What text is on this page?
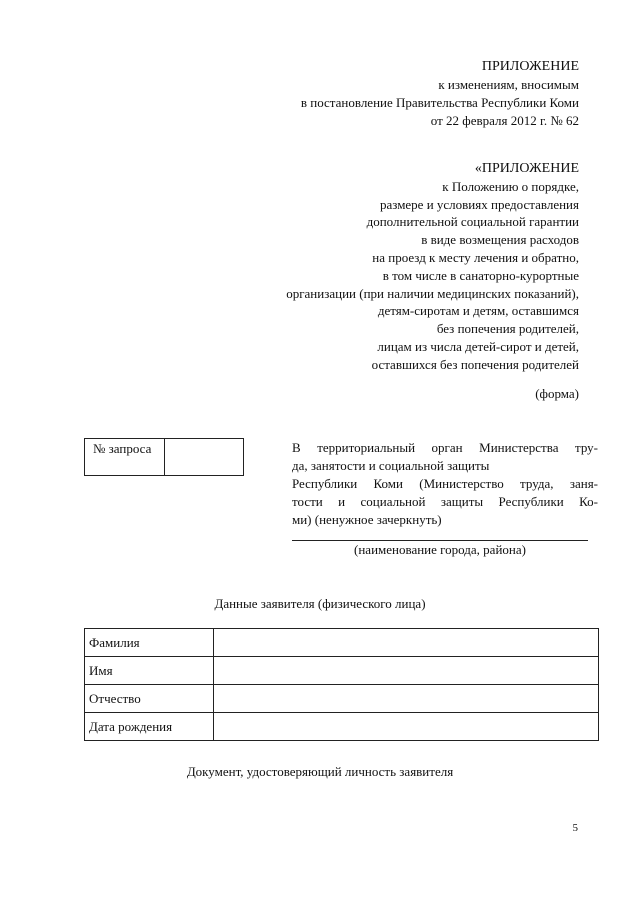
ПРИЛОЖЕНИЕ
к изменениям, вносимым
в постановление Правительства Республики Коми
от 22 февраля 2012 г. № 62
«ПРИЛОЖЕНИЕ
к Положению о порядке,
размере и условиях предоставления
дополнительной социальной гарантии
в виде возмещения расходов
на проезд к месту лечения и обратно,
в том числе в санаторно-курортные
организации (при наличии медицинских показаний),
детям-сиротам и детям, оставшимся
без попечения родителей,
лицам из числа детей-сирот и детей,
оставшихся без попечения родителей
(форма)
№ запроса	В территориальный орган Министерства тру-
да, занятости и социальной защиты
Республики Коми (Министерство труда, заня-
тости и социальной защиты Республики Ко-
ми) (ненужное зачеркнуть)
(наименование города, района)
Данные заявителя (физического лица)
Фамилия	
Имя	
Отчество	
Дата рождения	
Документ, удостоверяющий личность заявителя
5
